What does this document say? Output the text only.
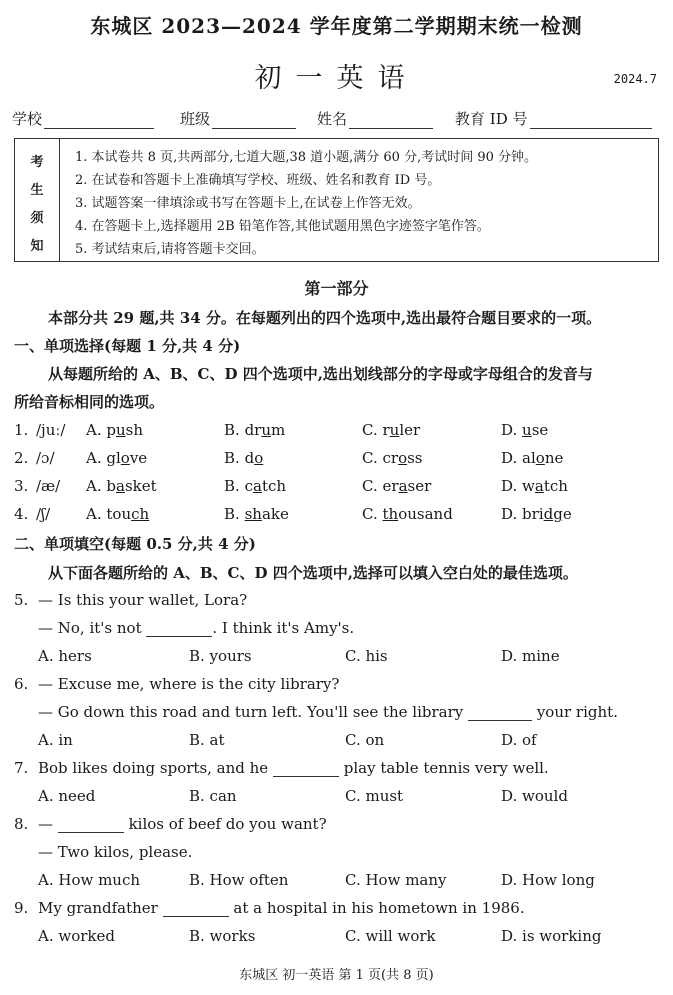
东城区 2023—2024 学年度第二学期期末统一检测
初一英语	2024.7
学校	班级	姓名	教育 ID 号
考
生
须
知
1. 本试卷共 8 页,共两部分,七道大题,38 道小题,满分 60 分,考试时间 90 分钟。
2. 在试卷和答题卡上准确填写学校、班级、姓名和教育 ID 号。
3. 试题答案一律填涂或书写在答题卡上,在试卷上作答无效。
4. 在答题卡上,选择题用 2B 铅笔作答,其他试题用黑色字迹签字笔作答。
5. 考试结束后,请将答题卡交回。
第一部分
本部分共 29 题,共 34 分。在每题列出的四个选项中,选出最符合题目要求的一项。
一、单项选择(每题 1 分,共 4 分)
从每题所给的 A、B、C、D 四个选项中,选出划线部分的字母或字母组合的发音与
所给音标相同的选项。
1. /juː/ A. push	B. drum	C. ruler	D. use
2. /ɔ/ A. glove	B. do	C. cross	D. alone
3. /æ/ A. basket	B. catch	C. eraser	D. watch
4. /ʃ/ A. touch	B. shake	C. thousand	D. bridge
二、单项填空(每题 0.5 分,共 4 分)
从下面各题所给的 A、B、C、D 四个选项中,选择可以填入空白处的最佳选项。
5. — Is this your wallet, Lora?
— No, it's not	. I think it's Amy's.
A. hers	B. yours	C. his	D. mine
6. — Excuse me, where is the city library?
— Go down this road and turn left. You'll see the library	your right.
A. in	B. at	C. on	D. of
7. Bob likes doing sports, and he	play table tennis very well.
A. need	B. can	C. must	D. would
8. —	kilos of beef do you want?
— Two kilos, please.
A. How much	B. How often	C. How many	D. How long
9. My grandfather	at a hospital in his hometown in 1986.
A. worked	B. works	C. will work	D. is working
东城区 初一英语 第 1 页(共 8 页)
